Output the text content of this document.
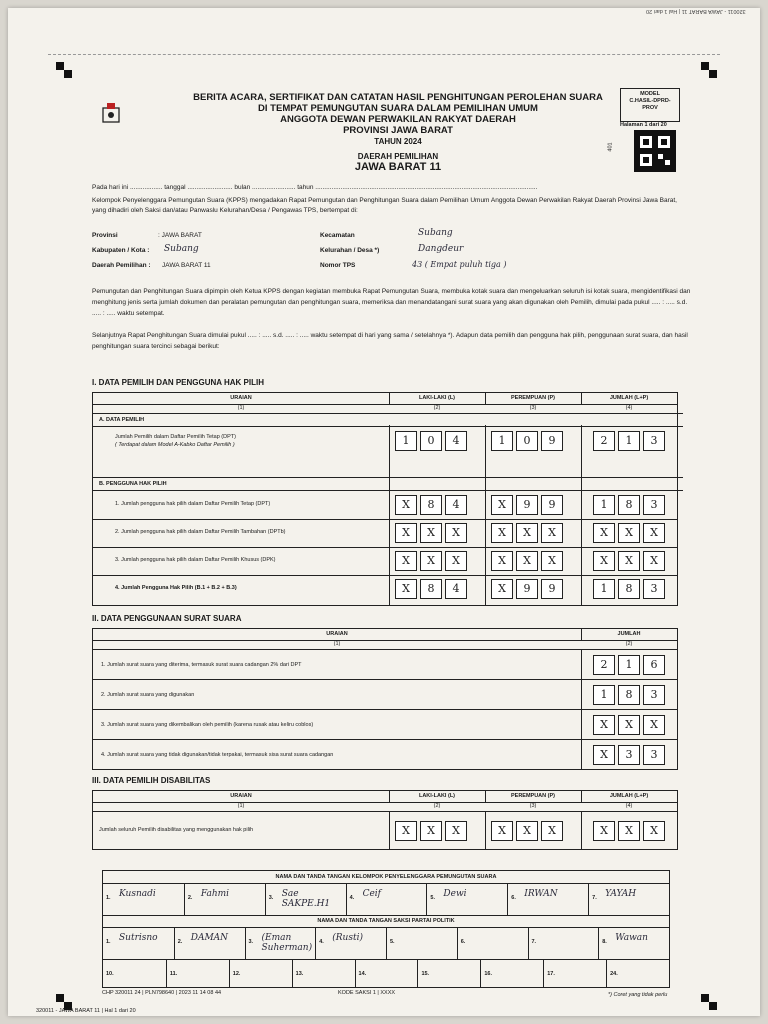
320011 - JAWA BARAT 11 | Hal 1 dari 20
BERITA ACARA, SERTIFIKAT DAN CATATAN HASIL PENGHITUNGAN PEROLEHAN SUARA
DI TEMPAT PEMUNGUTAN SUARA DALAM PEMILIHAN UMUM
ANGGOTA DEWAN PERWAKILAN RAKYAT DAERAH
PROVINSI JAWA BARAT
TAHUN 2024
DAERAH PEMILIHAN
JAWA BARAT 11
MODEL
C.HASIL-DPRD-
PROV
Halaman 1 dari 20
401
Pada hari ini .................. tanggal ......................... bulan ........................ tahun ...........................................................................................................................
Kelompok Penyelenggara Pemungutan Suara (KPPS) mengadakan Rapat Pemungutan dan Penghitungan Suara dalam Pemilihan Umum Anggota Dewan Perwakilan Rakyat Daerah Provinsi Jawa Barat, yang dihadiri oleh Saksi dan/atau Panwaslu Kelurahan/Desa / Pengawas TPS, bertempat di:
Provinsi	: JAWA BARAT
Kabupaten / Kota : Subang
Daerah Pemilihan : JAWA BARAT 11
Kecamatan	Subang
Kelurahan / Desa *)	Dangdeur
Nomor TPS	43 ( Empat puluh tiga )
Pemungutan dan Penghitungan Suara dipimpin oleh Ketua KPPS dengan kegiatan membuka Rapat Pemungutan Suara, membuka kotak suara dan mengeluarkan seluruh isi kotak suara, mengidentifikasi dan menghitung jenis serta jumlah dokumen dan peralatan pemungutan dan penghitungan suara, memeriksa dan menandatangani surat suara yang akan digunakan oleh Pemilih, dimulai pada pukul ..... : ..... s.d. ..... : ..... waktu setempat.
Selanjutnya Rapat Penghitungan Suara dimulai pukul ..... : ..... s.d. ..... : ..... waktu setempat di hari yang sama / setelahnya *). Adapun data pemilih dan pengguna hak pilih, penggunaan surat suara, dan hasil penghitungan suara tercinci sebagai berikut:
I. DATA PEMILIH DAN PENGGUNA HAK PILIH
URAIAN	LAKI-LAKI (L)	PEREMPUAN (P)	JUMLAH (L+P)
(1)	(2)	(3)	(4)
A. DATA PEMILIH
Jumlah Pemilih dalam Daftar Pemilih Tetap (DPT)
( Terdapat dalam Model A-Kabko Daftar Pemilih )	1 0 4	1 0 9	2 1 3
B. PENGGUNA HAK PILIH
1. Jumlah pengguna hak pilih dalam Daftar Pemilih Tetap (DPT)	X 8 4	X 9 9	1 8 3
2. Jumlah pengguna hak pilih dalam Daftar Pemilih Tambahan (DPTb)	X X X	X X X	X X X
3. Jumlah pengguna hak pilih dalam Daftar Pemilih Khusus (DPK)	X X X	X X X	X X X
4. Jumlah Pengguna Hak Pilih (B.1 + B.2 + B.3)	X 8 4	X 9 9	1 8 3
II. DATA PENGGUNAAN SURAT SUARA
URAIAN	JUMLAH
(1)	(2)
1. Jumlah surat suara yang diterima, termasuk surat suara cadangan 2% dari DPT	2 1 6
2. Jumlah surat suara yang digunakan	1 8 3
3. Jumlah surat suara yang dikembalikan oleh pemilih (karena rusak atau keliru coblos)	X X X
4. Jumlah surat suara yang tidak digunakan/tidak terpakai, termasuk sisa surat suara cadangan	X 3 3
III. DATA PEMILIH DISABILITAS
URAIAN	LAKI-LAKI (L)	PEREMPUAN (P)	JUMLAH (L+P)
(1)	(2)	(3)	(4)
Jumlah seluruh Pemilih disabilitas yang menggunakan hak pilih	X X X	X X X	X X X
NAMA DAN TANDA TANGAN KELOMPOK PENYELENGGARA PEMUNGUTAN SUARA
1. Kusnadi	2. Fahmi	3. Sae SAKPE.H1
4. Ceif	5. Dewi	6. IRWAN	7. YAYAH
NAMA DAN TANDA TANGAN SAKSI PARTAI POLITIK
1. Sutrisno	2. DAMAN	3. (Eman Suherman)
4. (Rusti)	5.	6.	7.	8. Wawan
10.	11.	12.	13.	14.	15.	16.	17.	24.
CHP 320011 24 | PLN798640 | 2023 11 14 08 44	KODE SAKSI 1 | XXXX	*) Coret yang tidak perlu
320011 - JAWA BARAT 11 | Hal 1 dari 20
